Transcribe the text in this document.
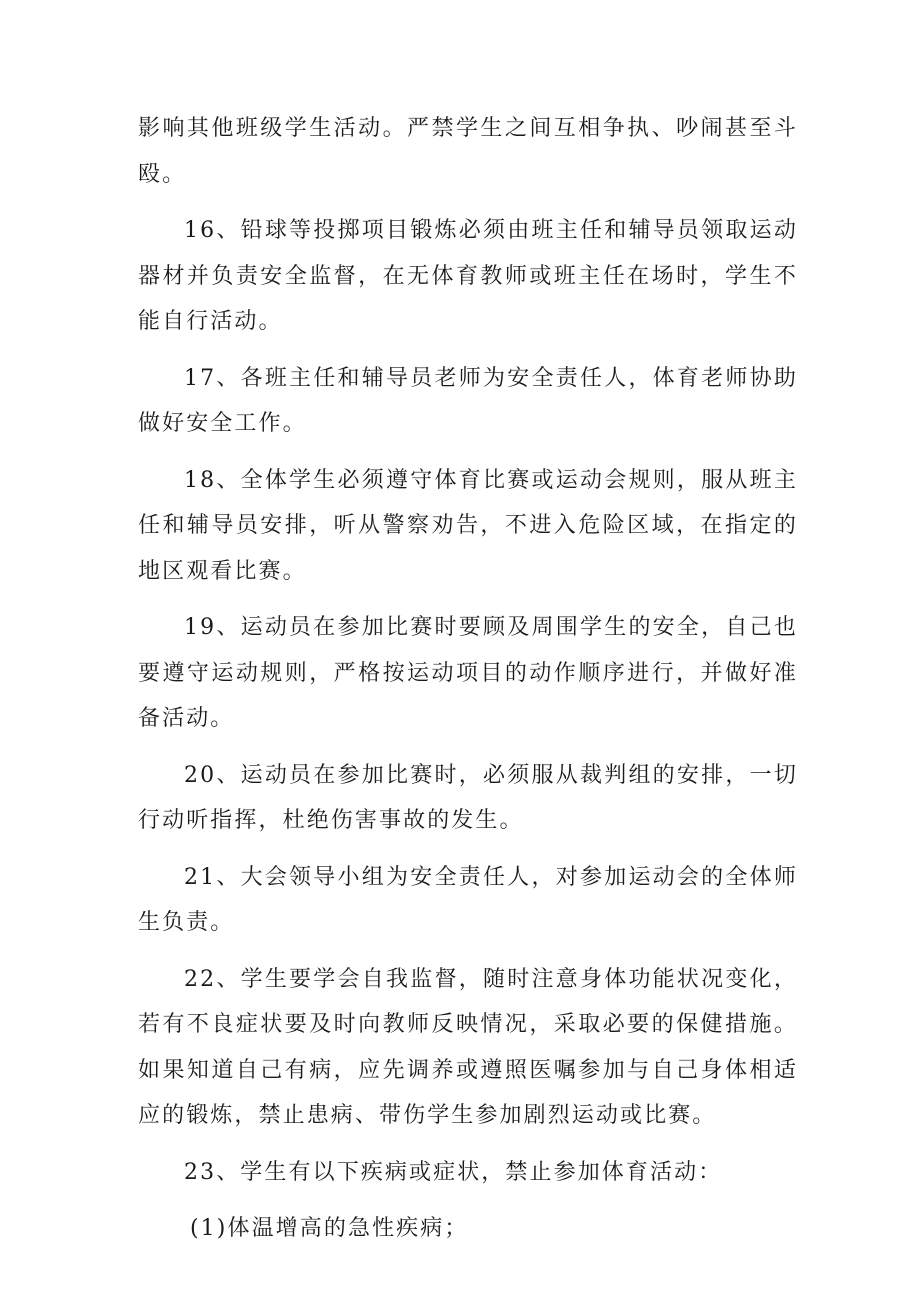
影响其他班级学生活动。严禁学生之间互相争执、吵闹甚至斗殴。

16、铅球等投掷项目锻炼必须由班主任和辅导员领取运动器材并负责安全监督，在无体育教师或班主任在场时，学生不能自行活动。

17、各班主任和辅导员老师为安全责任人，体育老师协助做好安全工作。

18、全体学生必须遵守体育比赛或运动会规则，服从班主任和辅导员安排，听从警察劝告，不进入危险区域，在指定的地区观看比赛。

19、运动员在参加比赛时要顾及周围学生的安全，自己也要遵守运动规则，严格按运动项目的动作顺序进行，并做好准备活动。

20、运动员在参加比赛时，必须服从裁判组的安排，一切行动听指挥，杜绝伤害事故的发生。

21、大会领导小组为安全责任人，对参加运动会的全体师生负责。

22、学生要学会自我监督，随时注意身体功能状况变化，若有不良症状要及时向教师反映情况，采取必要的保健措施。如果知道自己有病，应先调养或遵照医嘱参加与自己身体相适应的锻炼，禁止患病、带伤学生参加剧烈运动或比赛。

23、学生有以下疾病或症状，禁止参加体育活动：

(1)体温增高的急性疾病；
